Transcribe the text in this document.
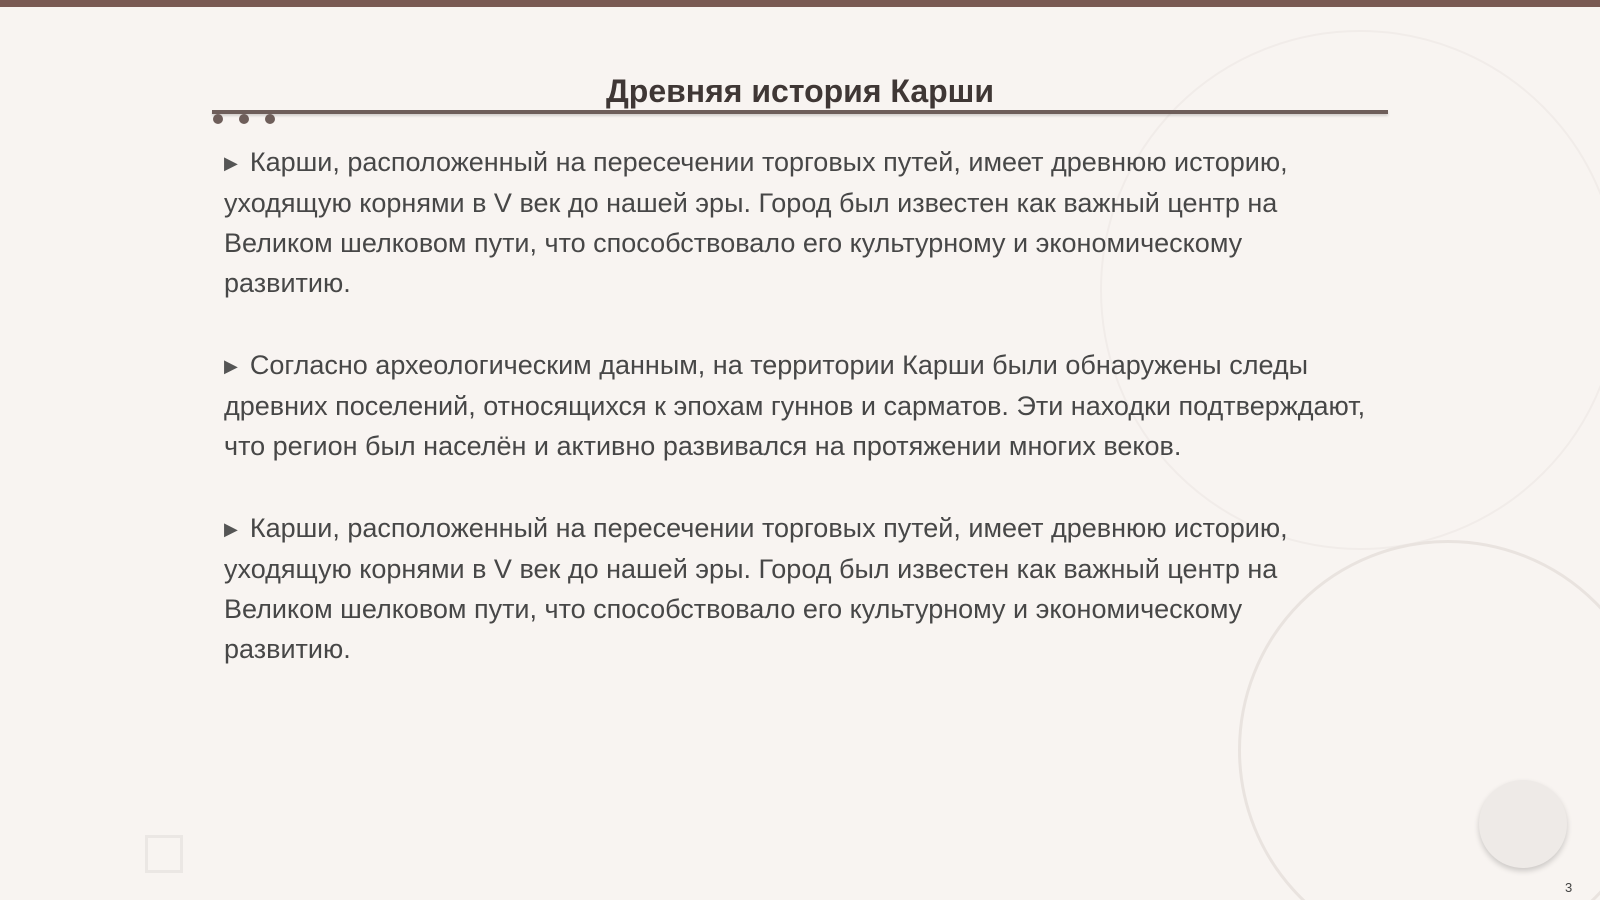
Древняя история Карши

▶ Карши, расположенный на пересечении торговых путей, имеет древнюю историю, уходящую корнями в V век до нашей эры. Город был известен как важный центр на Великом шелковом пути, что способствовало его культурному и экономическому развитию.

▶ Согласно археологическим данным, на территории Карши были обнаружены следы древних поселений, относящихся к эпохам гуннов и сарматов. Эти находки подтверждают, что регион был населён и активно развивался на протяжении многих веков.

▶ Карши, расположенный на пересечении торговых путей, имеет древнюю историю, уходящую корнями в V век до нашей эры. Город был известен как важный центр на Великом шелковом пути, что способствовало его культурному и экономическому развитию.

3
